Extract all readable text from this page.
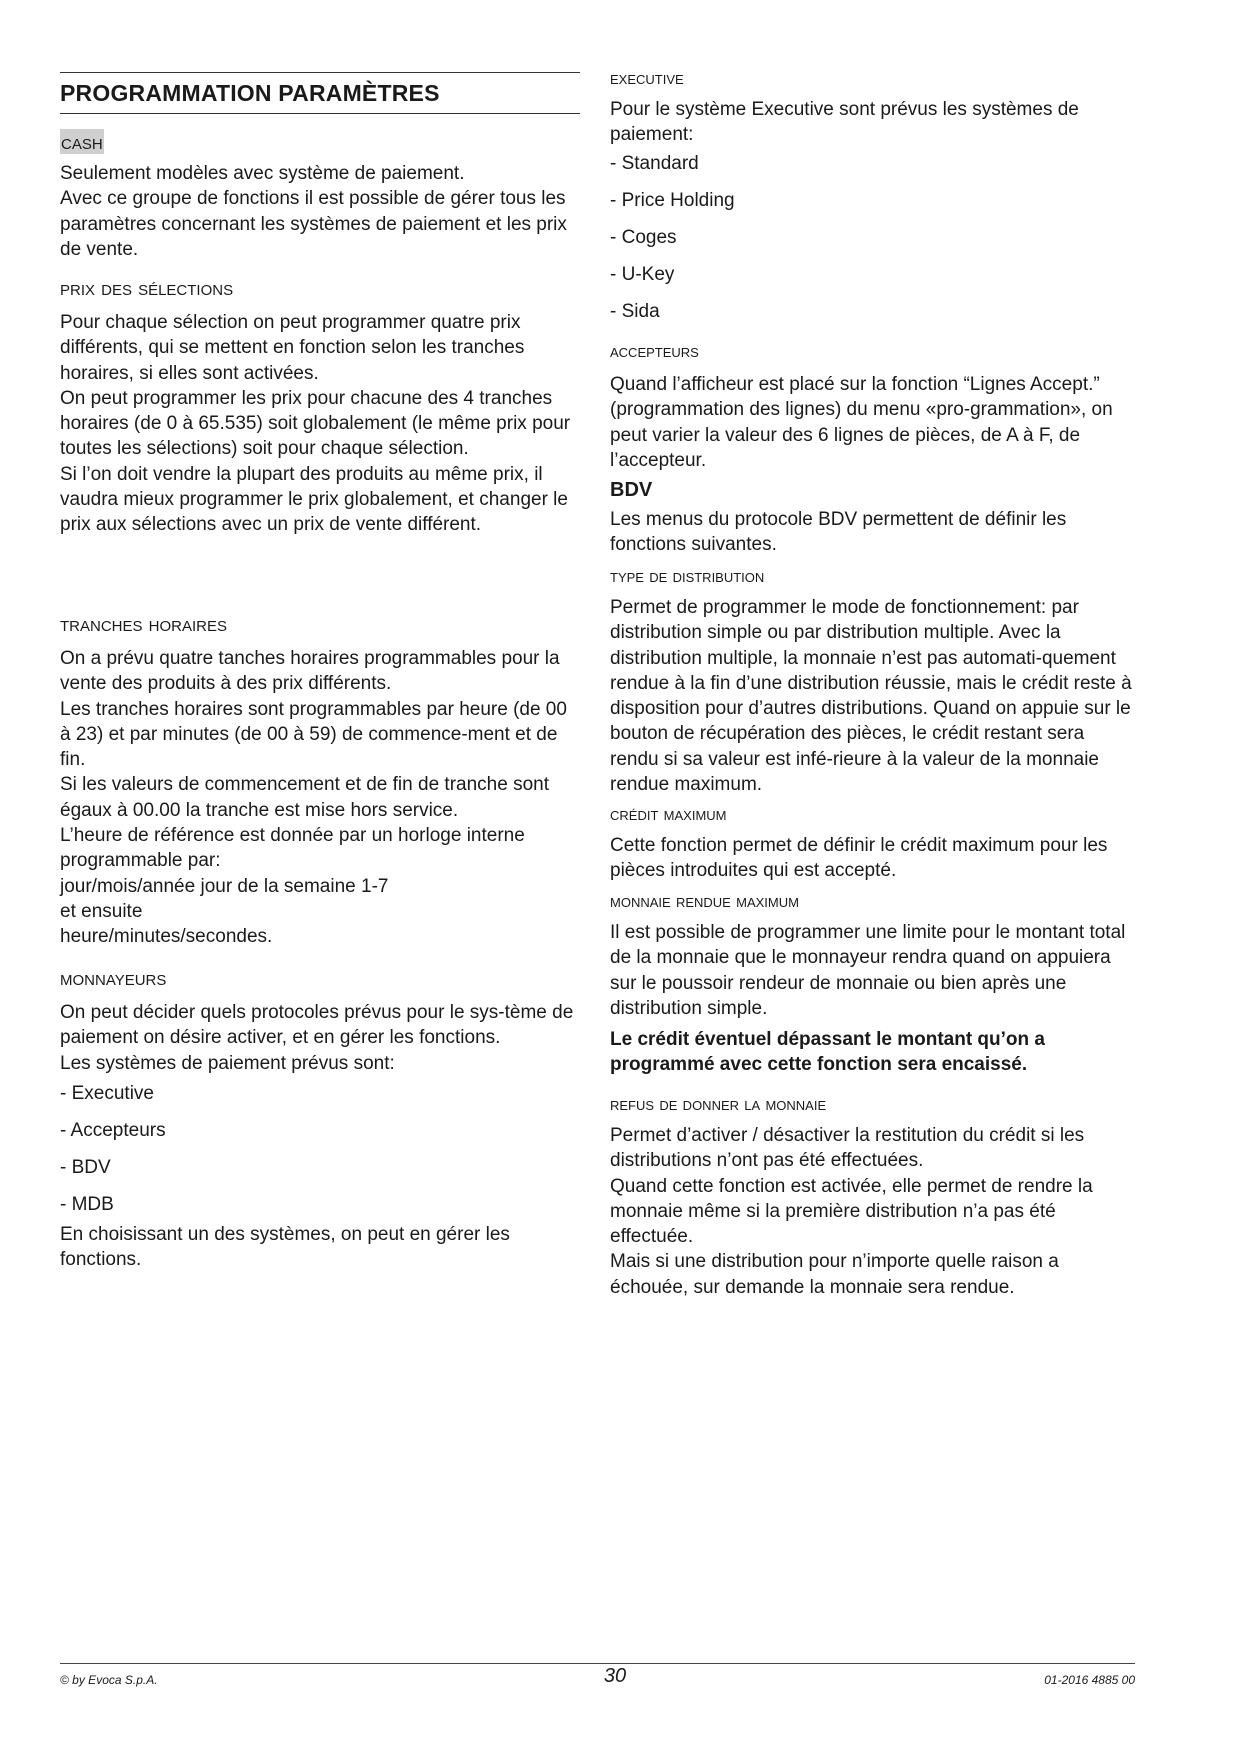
PROGRAMMATION PARAMÈTRES
cash

Seulement modèles avec système de paiement.
Avec ce groupe de fonctions il est possible de gérer tous les paramètres concernant les systèmes de paiement et les prix de vente.

prix des sélections

Pour chaque sélection on peut programmer quatre prix différents, qui se mettent en fonction selon les tranches horaires, si elles sont activées.
On peut programmer les prix pour chacune des 4 tranches horaires (de 0 à 65.535) soit globalement (le même prix pour toutes les sélections) soit pour chaque sélection.
Si l’on doit vendre la plupart des produits au même prix, il vaudra mieux programmer le prix globalement, et changer le prix aux sélections avec un prix de vente différent.

tranches horaires

On a prévu quatre tanches horaires programmables pour la vente des produits à des prix différents.
Les tranches horaires sont programmables par heure (de 00 à 23) et par minutes (de 00 à 59) de commence-ment et de fin.
Si les valeurs de commencement et de fin de tranche sont égaux à 00.00 la tranche est mise hors service.
L’heure de référence est donnée par un horloge interne programmable par:
jour/mois/année jour de la semaine 1-7
et ensuite
heure/minutes/secondes.

monnayeurs

On peut décider quels protocoles prévus pour le sys-tème de paiement on désire activer, et en gérer les fonctions.
Les systèmes de paiement prévus sont:

- Executive

- Accepteurs

- BDV

- MDB

En choisissant un des systèmes, on peut en gérer les fonctions.

executive

Pour le système Executive sont prévus les systèmes de paiement:

- Standard

- Price Holding

- Coges

- U-Key

- Sida

accepteurs

Quand l’afficheur est placé sur la fonction “Lignes Accept.” (programmation des lignes) du menu «pro-grammation», on peut varier la valeur des 6 lignes de pièces, de A à F, de l’accepteur.

BDV

Les menus du protocole BDV permettent de définir les fonctions suivantes.

type de distribution

Permet de programmer le mode de fonctionnement: par distribution simple ou par distribution multiple. Avec la distribution multiple, la monnaie n’est pas automati-quement rendue à la fin d’une distribution réussie, mais le crédit reste à disposition pour d’autres distributions. Quand on appuie sur le bouton de récupération des pièces, le crédit restant sera rendu si sa valeur est infé-rieure à la valeur de la monnaie rendue maximum.

crédit maximum

Cette fonction permet de définir le crédit maximum pour les pièces introduites qui est accepté.

monnaie rendue maximum

Il est possible de programmer une limite pour le montant total de la monnaie que le monnayeur rendra quand on appuiera sur le poussoir rendeur de monnaie ou bien après une distribution simple.

Le crédit éventuel dépassant le montant qu’on a programmé avec cette fonction sera encaissé.

refus de donner la monnaie

Permet d’activer / désactiver la restitution du crédit si les distributions n’ont pas été effectuées.
Quand cette fonction est activée, elle permet de rendre la monnaie même si la première distribution n’a pas été effectuée.
Mais si une distribution pour n’importe quelle raison a échouée, sur demande la monnaie sera rendue.

© by Evoca S.p.A.	30	01-2016 4885 00
